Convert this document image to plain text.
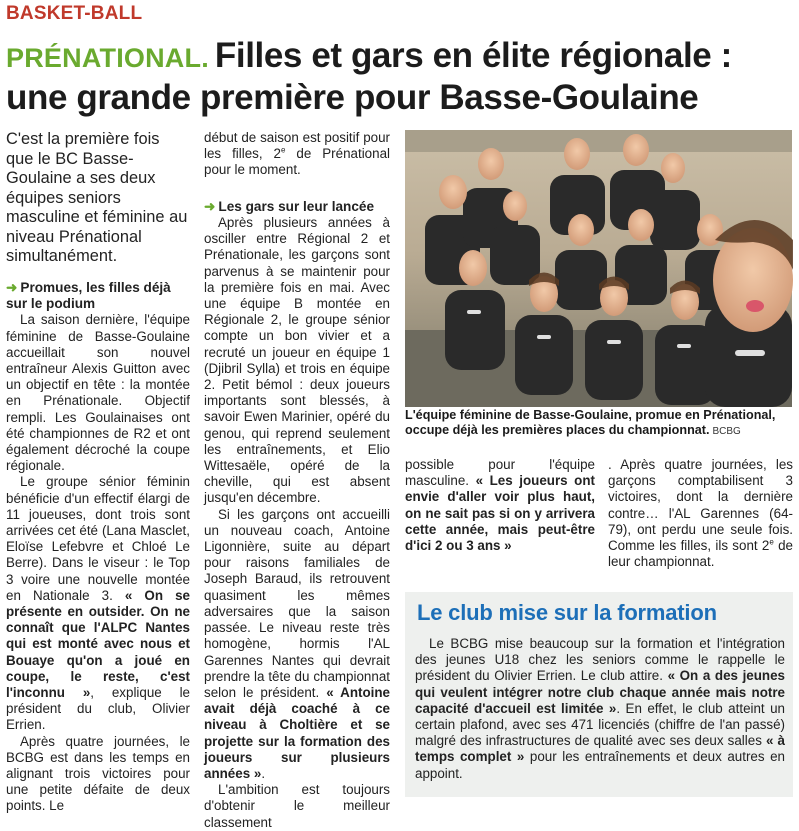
BASKET-BALL
PRÉNATIONAL. Filles et gars en élite régionale : une grande première pour Basse-Goulaine

C'est la première fois que le BC Basse-Goulaine a ses deux équipes seniors masculine et féminine au niveau Prénational simultanément.

➜ Promues, les filles déjà sur le podium

La saison dernière, l'équipe féminine de Basse-Goulaine accueillait son nouvel entraîneur Alexis Guitton avec un objectif en tête : la montée en Prénationale. Objectif rempli. Les Goulainaises ont été championnes de R2 et ont également décroché la coupe régionale.

Le groupe sénior féminin bénéficie d'un effectif élargi de 11 joueuses, dont trois sont arrivées cet été (Lana Masclet, Eloïse Lefebvre et Chloé Le Berre). Dans le viseur : le Top 3 voire une nouvelle montée en Nationale 3. « On se présente en outsider. On ne connaît que l'ALPC Nantes qui est monté avec nous et Bouaye qu'on a joué en coupe, le reste, c'est l'inconnu », explique le président du club, Olivier Errien.

Après quatre journées, le BCBG est dans les temps en alignant trois victoires pour une petite défaite de deux points. Le

début de saison est positif pour les filles, 2e de Prénational pour le moment.

➜ Les gars sur leur lancée

Après plusieurs années à osciller entre Régional 2 et Prénationale, les garçons sont parvenus à se maintenir pour la première fois en mai. Avec une équipe B montée en Régionale 2, le groupe sénior compte un bon vivier et a recruté un joueur en équipe 1 (Djibril Sylla) et trois en équipe 2. Petit bémol : deux joueurs importants sont blessés, à savoir Ewen Marinier, opéré du genou, qui reprend seulement les entraînements, et Elio Wittesaële, opéré de la cheville, qui est absent jusqu'en décembre.

Si les garçons ont accueilli un nouveau coach, Antoine Ligonnière, suite au départ pour raisons familiales de Joseph Baraud, ils retrouvent quasiment les mêmes adversaires que la saison passée. Le niveau reste très homogène, hormis l'AL Garennes Nantes qui devrait prendre la tête du championnat selon le président. « Antoine avait déjà coaché à ce niveau à Choltière et se projette sur la formation des joueurs sur plusieurs années ».

L'ambition est toujours d'obtenir le meilleur classement

L'équipe féminine de Basse-Goulaine, promue en Prénational, occupe déjà les premières places du championnat. BCBG

possible pour l'équipe masculine. « Les joueurs ont envie d'aller voir plus haut, on ne sait pas si on y arrivera cette année, mais peut-être d'ici 2 ou 3 ans »

. Après quatre journées, les garçons comptabilisent 3 victoires, dont la dernière contre… l'AL Garennes (64-79), ont perdu une seule fois. Comme les filles, ils sont 2e de leur championnat.

Le club mise sur la formation

Le BCBG mise beaucoup sur la formation et l'intégration des jeunes U18 chez les seniors comme le rappelle le président du Olivier Errien. Le club attire. « On a des jeunes qui veulent intégrer notre club chaque année mais notre capacité d'accueil est limitée ». En effet, le club atteint un certain plafond, avec ses 471 licenciés (chiffre de l'an passé) malgré des infrastructures de qualité avec ses deux salles « à temps complet » pour les entraînements et deux autres en appoint.
